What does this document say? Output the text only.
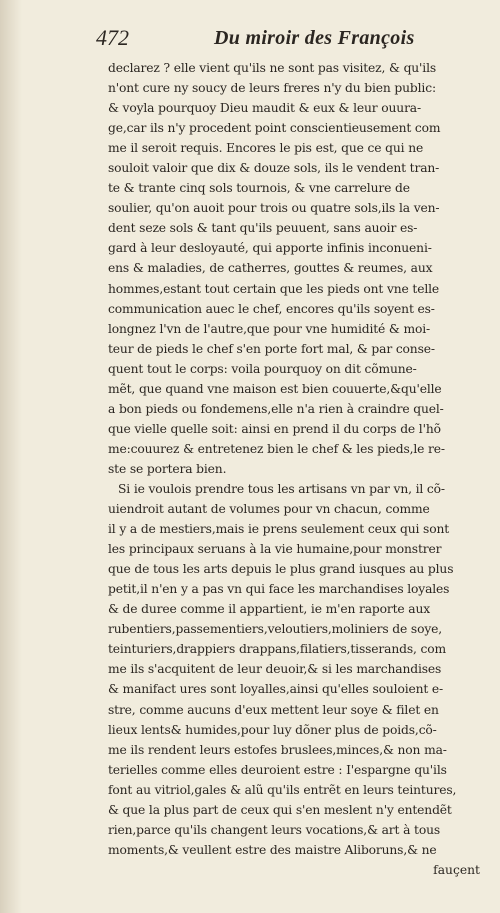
472	Du miroir des François
declarez ? elle vient qu'ils ne sont pas visitez, & qu'ils
n'ont cure ny soucy de leurs freres n'y du bien public:
& voyla pourquoy Dieu maudit & eux & leur ouura-
ge,car ils n'y procedent point conscientieusement com
me il seroit requis. Encores le pis est, que ce qui ne
souloit valoir que dix & douze sols, ils le vendent tran-
te & trante cinq sols tournois, & vne carrelure de
soulier, qu'on auoit pour trois ou quatre sols,ils la ven-
dent seze sols & tant qu'ils peuuent, sans auoir es-
gard à leur desloyauté, qui apporte infinis inconueni-
ens & maladies, de catherres, gouttes & reumes, aux
hommes,estant tout certain que les pieds ont vne telle
communication auec le chef, encores qu'ils soyent es-
longnez l'vn de l'autre,que pour vne humidité & moi-
teur de pieds le chef s'en porte fort mal, & par conse-
quent tout le corps: voila pourquoy on dit cõmune-
mẽt, que quand vne maison est bien couuerte,&qu'elle
a bon pieds ou fondemens,elle n'a rien à craindre quel-
que vielle quelle soit: ainsi en prend il du corps de l'hõ
me:couurez & entretenez bien le chef & les pieds,le re-
ste se portera bien.
Si ie voulois prendre tous les artisans vn par vn, il cõ-
uiendroit autant de volumes pour vn chacun, comme
il y a de mestiers,mais ie prens seulement ceux qui sont
les principaux seruans à la vie humaine,pour monstrer
que de tous les arts depuis le plus grand iusques au plus
petit,il n'en y a pas vn qui face les marchandises loyales
& de duree comme il appartient, ie m'en raporte aux
rubentiers,passementiers,veloutiers,moliniers de soye,
teinturiers,drappiers drappans,filatiers,tisserands, com
me ils s'acquitent de leur deuoir,& si les marchandises
& manifact ures sont loyalles,ainsi qu'elles souloient e-
stre, comme aucuns d'eux mettent leur soye & filet en
lieux lents& humides,pour luy dõner plus de poids,cõ-
me ils rendent leurs estofes bruslees,minces,& non ma-
terielles comme elles deuroient estre : I'espargne qu'ils
font au vitriol,gales & alũ qu'ils entrẽt en leurs teintures,
& que la plus part de ceux qui s'en meslent n'y entendẽt
rien,parce qu'ils changent leurs vocations,& art à tous
moments,& veullent estre des maistre Aliboruns,& ne
fauçent
